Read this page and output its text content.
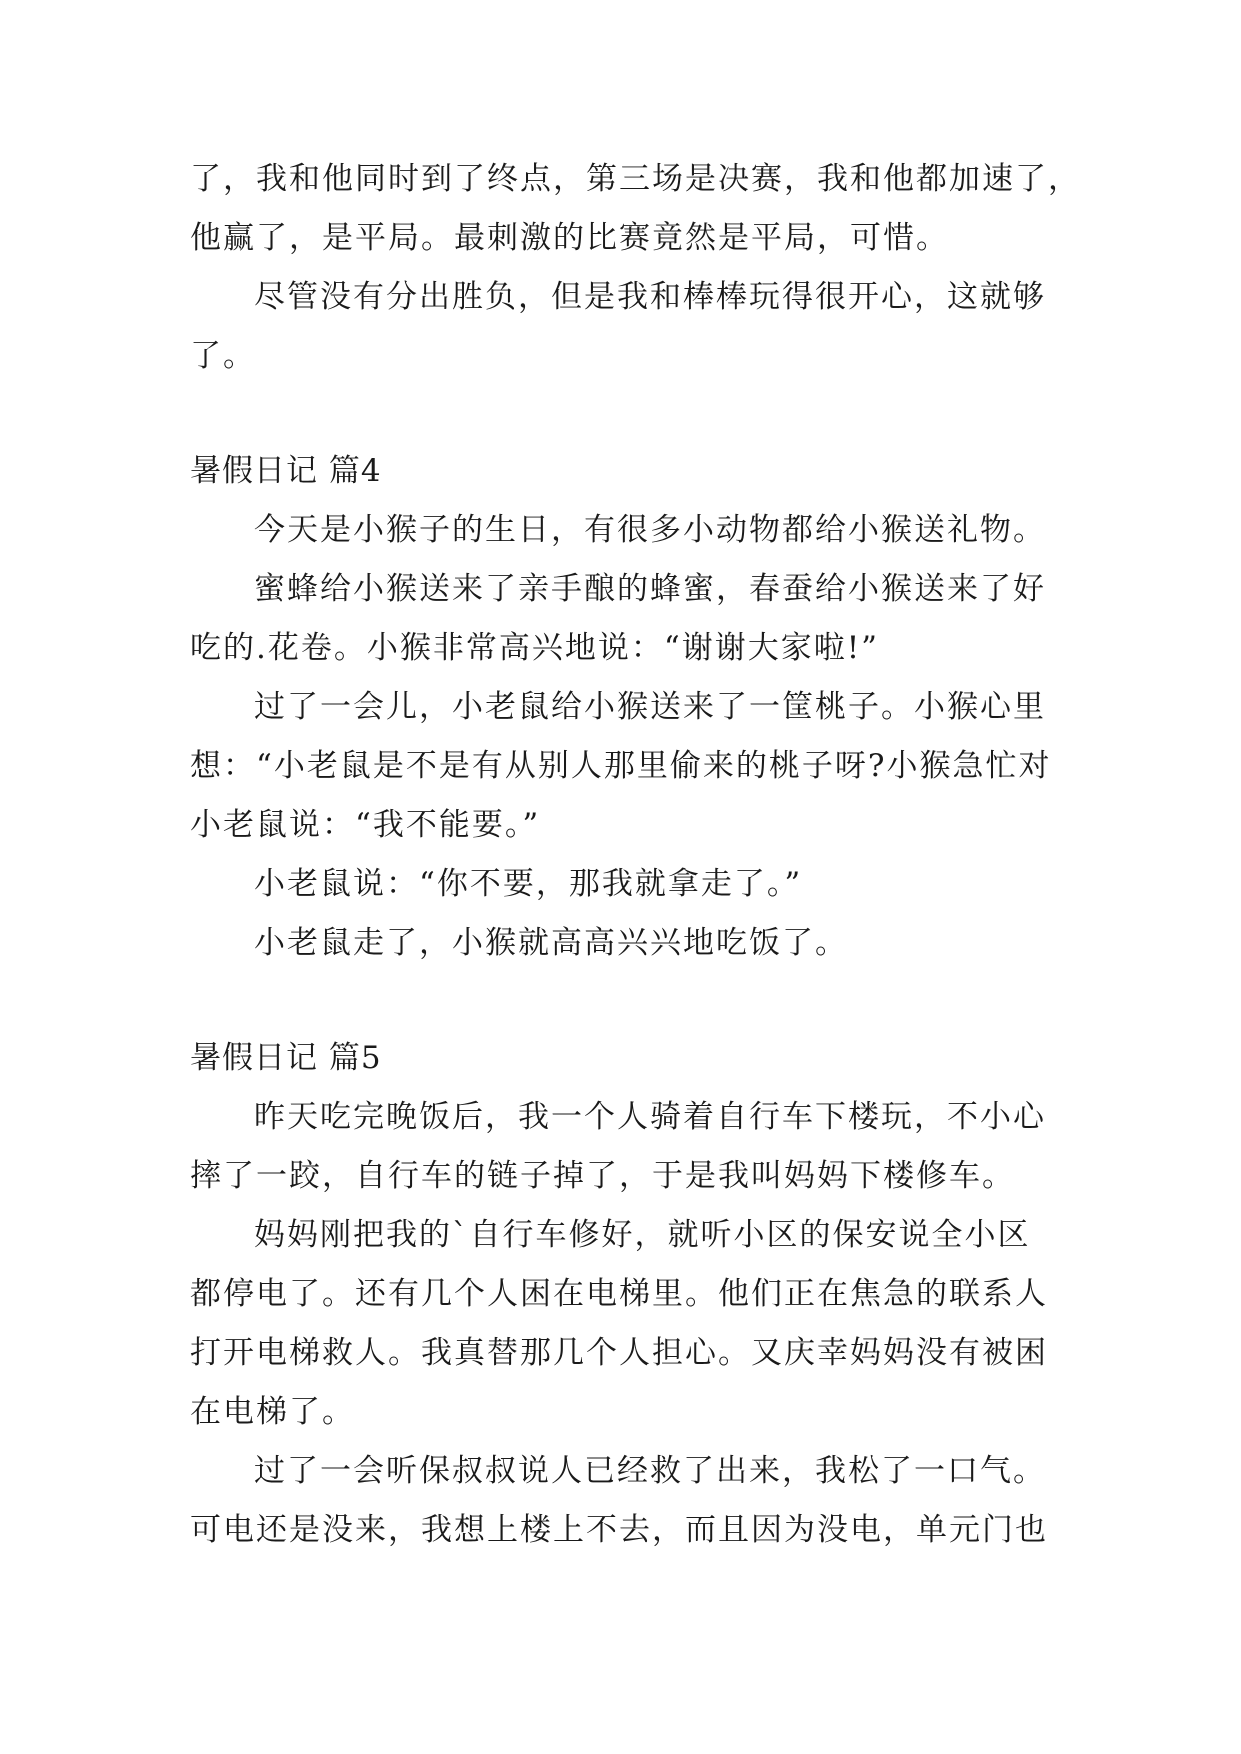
了，我和他同时到了终点，第三场是决赛，我和他都加速了，
他赢了，是平局。最刺激的比赛竟然是平局，可惜。
尽管没有分出胜负，但是我和棒棒玩得很开心，这就够
了。
暑假日记 篇4
今天是小猴子的生日，有很多小动物都给小猴送礼物。
蜜蜂给小猴送来了亲手酿的蜂蜜，春蚕给小猴送来了好
吃的.花卷。小猴非常高兴地说：“谢谢大家啦!”
过了一会儿，小老鼠给小猴送来了一筐桃子。小猴心里
想：“小老鼠是不是有从别人那里偷来的桃子呀?小猴急忙对
小老鼠说：“我不能要。”
小老鼠说：“你不要，那我就拿走了。”
小老鼠走了，小猴就高高兴兴地吃饭了。
暑假日记 篇5
昨天吃完晚饭后，我一个人骑着自行车下楼玩，不小心
摔了一跤，自行车的链子掉了，于是我叫妈妈下楼修车。
妈妈刚把我的`自行车修好，就听小区的保安说全小区
都停电了。还有几个人困在电梯里。他们正在焦急的联系人
打开电梯救人。我真替那几个人担心。又庆幸妈妈没有被困
在电梯了。
过了一会听保叔叔说人已经救了出来，我松了一口气。
可电还是没来，我想上楼上不去，而且因为没电，单元门也
